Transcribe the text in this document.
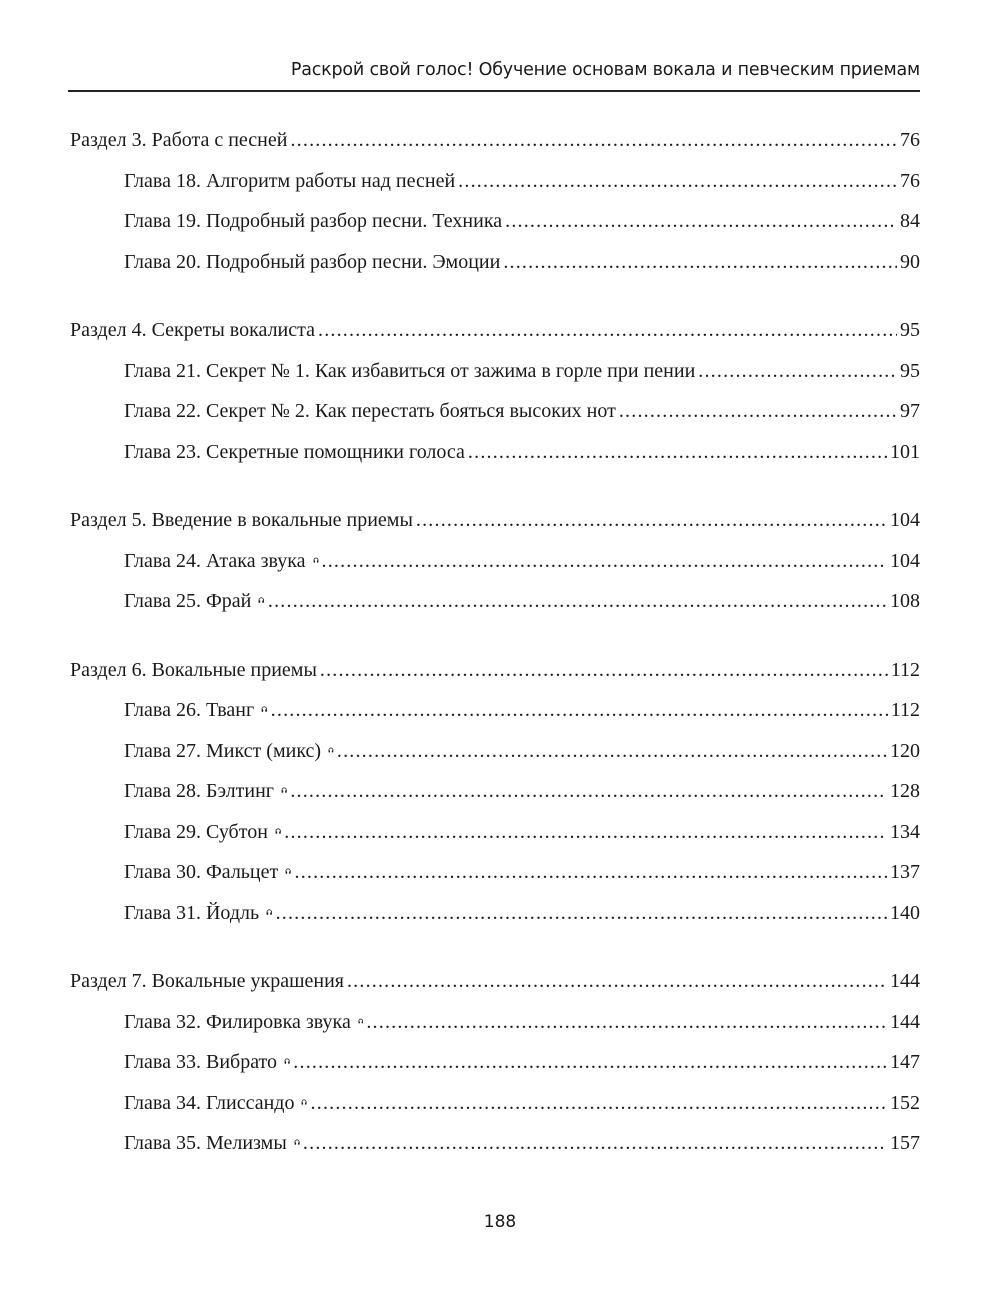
Раскрой свой голос! Обучение основам вокала и певческим приемам
Раздел 3. Работа с песней .....	76
Глава 18. Алгоритм работы над песней .....	76
Глава 19. Подробный разбор песни. Техника .....	84
Глава 20. Подробный разбор песни. Эмоции .....	90
Раздел 4. Секреты вокалиста .....	95
Глава 21. Секрет № 1. Как избавиться от зажима в горле при пении .....	95
Глава 22. Секрет № 2. Как перестать бояться высоких нот .....	97
Глава 23. Секретные помощники голоса .....	101
Раздел 5. Введение в вокальные приемы .....	104
Глава 24. Атака звука .....	104
Глава 25. Фрай .....	108
Раздел 6. Вокальные приемы .....	112
Глава 26. Тванг .....	112
Глава 27. Микст (микс) .....	120
Глава 28. Бэлтинг .....	128
Глава 29. Субтон .....	134
Глава 30. Фальцет .....	137
Глава 31. Йодль .....	140
Раздел 7. Вокальные украшения .....	144
Глава 32. Филировка звука .....	144
Глава 33. Вибрато .....	147
Глава 34. Глиссандо .....	152
Глава 35. Мелизмы .....	157
188
